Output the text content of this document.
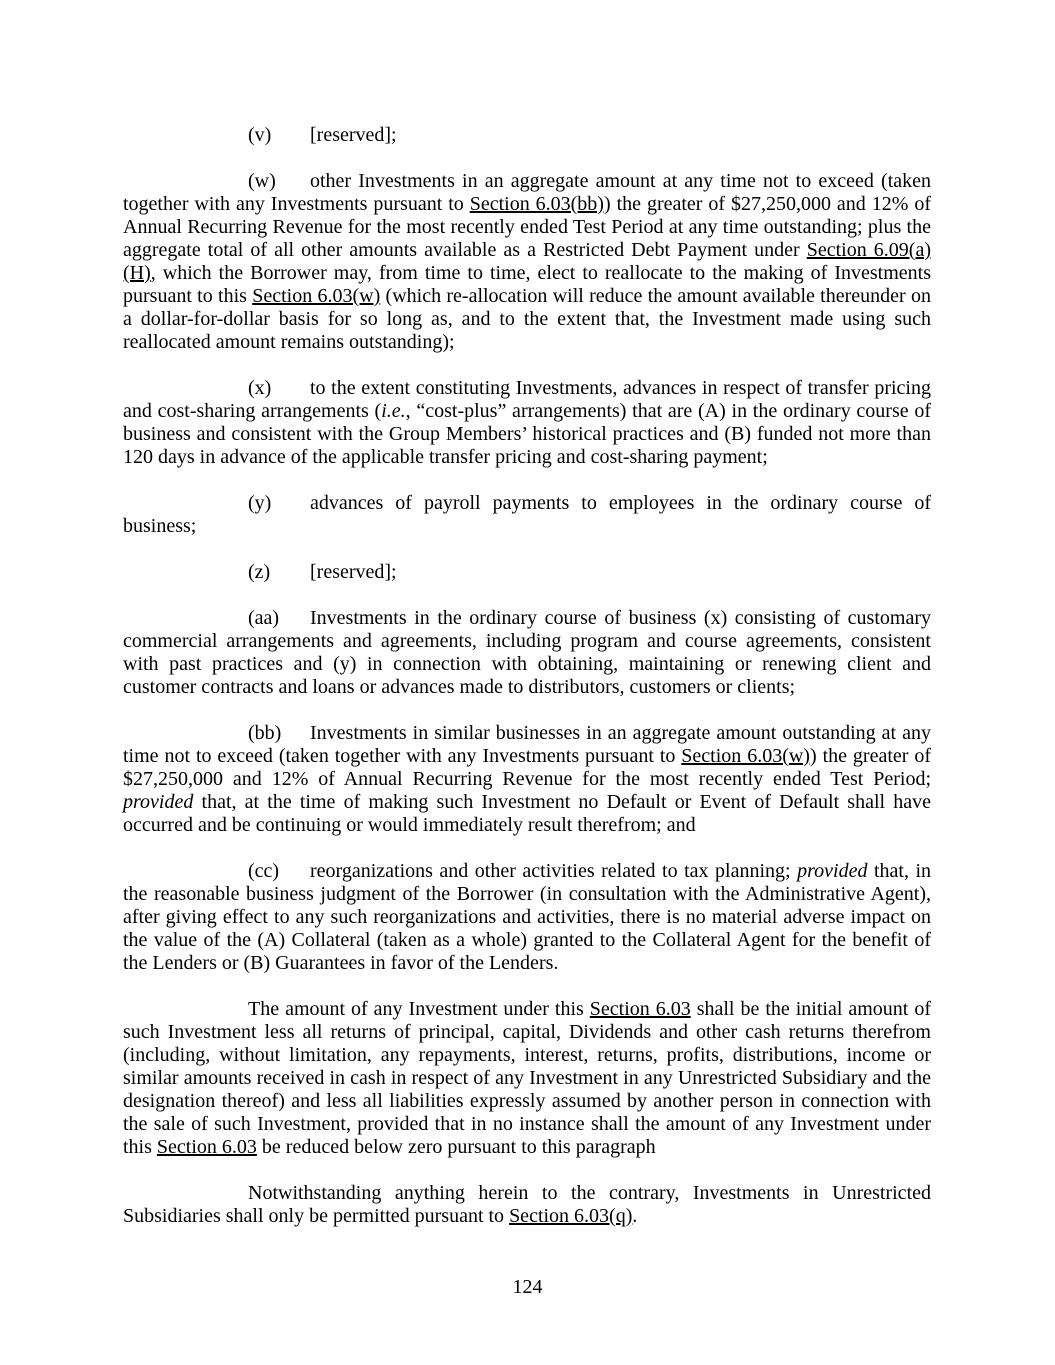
(v) [reserved];

(w) other Investments in an aggregate amount at any time not to exceed (taken together with any Investments pursuant to Section 6.03(bb)) the greater of $27,250,000 and 12% of Annual Recurring Revenue for the most recently ended Test Period at any time outstanding; plus the aggregate total of all other amounts available as a Restricted Debt Payment under Section 6.09(a)(H), which the Borrower may, from time to time, elect to reallocate to the making of Investments pursuant to this Section 6.03(w) (which re-allocation will reduce the amount available thereunder on a dollar-for-dollar basis for so long as, and to the extent that, the Investment made using such reallocated amount remains outstanding);

(x) to the extent constituting Investments, advances in respect of transfer pricing and cost-sharing arrangements (i.e., “cost-plus” arrangements) that are (A) in the ordinary course of business and consistent with the Group Members’ historical practices and (B) funded not more than 120 days in advance of the applicable transfer pricing and cost-sharing payment;

(y) advances of payroll payments to employees in the ordinary course of business;

(z) [reserved];

(aa) Investments in the ordinary course of business (x) consisting of customary commercial arrangements and agreements, including program and course agreements, consistent with past practices and (y) in connection with obtaining, maintaining or renewing client and customer contracts and loans or advances made to distributors, customers or clients;

(bb) Investments in similar businesses in an aggregate amount outstanding at any time not to exceed (taken together with any Investments pursuant to Section 6.03(w)) the greater of $27,250,000 and 12% of Annual Recurring Revenue for the most recently ended Test Period; provided that, at the time of making such Investment no Default or Event of Default shall have occurred and be continuing or would immediately result therefrom; and

(cc) reorganizations and other activities related to tax planning; provided that, in the reasonable business judgment of the Borrower (in consultation with the Administrative Agent), after giving effect to any such reorganizations and activities, there is no material adverse impact on the value of the (A) Collateral (taken as a whole) granted to the Collateral Agent for the benefit of the Lenders or (B) Guarantees in favor of the Lenders.

The amount of any Investment under this Section 6.03 shall be the initial amount of such Investment less all returns of principal, capital, Dividends and other cash returns therefrom (including, without limitation, any repayments, interest, returns, profits, distributions, income or similar amounts received in cash in respect of any Investment in any Unrestricted Subsidiary and the designation thereof) and less all liabilities expressly assumed by another person in connection with the sale of such Investment, provided that in no instance shall the amount of any Investment under this Section 6.03 be reduced below zero pursuant to this paragraph

Notwithstanding anything herein to the contrary, Investments in Unrestricted Subsidiaries shall only be permitted pursuant to Section 6.03(q).

124
